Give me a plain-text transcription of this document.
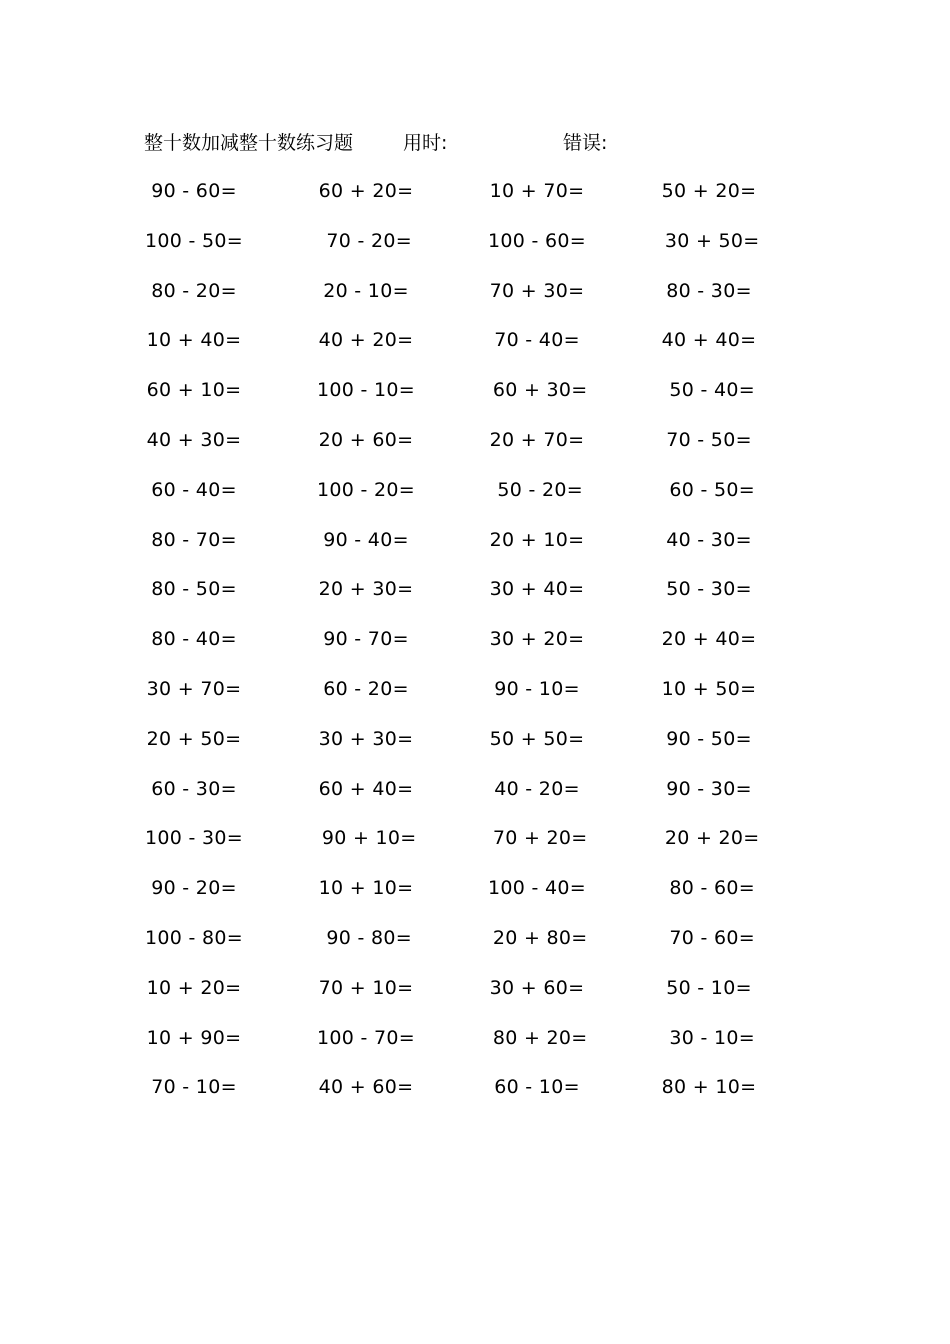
整十数加减整十数练习题	用时:	错误:
90 - 60=	60 + 20=	10 + 70=	50 + 20=
100 - 50=	70 - 20=	100 - 60=	30 + 50=
80 - 20=	20 - 10=	70 + 30=	80 - 30=
10 + 40=	40 + 20=	70 - 40=	40 + 40=
60 + 10=	100 - 10=	60 + 30=	50 - 40=
40 + 30=	20 + 60=	20 + 70=	70 - 50=
60 - 40=	100 - 20=	50 - 20=	60 - 50=
80 - 70=	90 - 40=	20 + 10=	40 - 30=
80 - 50=	20 + 30=	30 + 40=	50 - 30=
80 - 40=	90 - 70=	30 + 20=	20 + 40=
30 + 70=	60 - 20=	90 - 10=	10 + 50=
20 + 50=	30 + 30=	50 + 50=	90 - 50=
60 - 30=	60 + 40=	40 - 20=	90 - 30=
100 - 30=	90 + 10=	70 + 20=	20 + 20=
90 - 20=	10 + 10=	100 - 40=	80 - 60=
100 - 80=	90 - 80=	20 + 80=	70 - 60=
10 + 20=	70 + 10=	30 + 60=	50 - 10=
10 + 90=	100 - 70=	80 + 20=	30 - 10=
70 - 10=	40 + 60=	60 - 10=	80 + 10=
